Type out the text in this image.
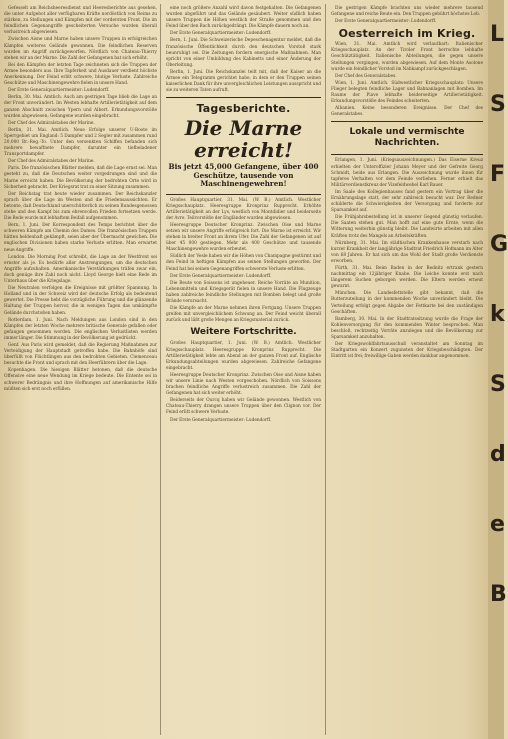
Gefesselt am Reichsheeresdienst und Heeresberichte aus gesehen, die unter Aufgebot aller verfügbaren Kräfte nordöstlich von Reims zu stärken, zu Stellungen und Kämpfen mit der vordersten Front. Die im feindlichen Gegenangriffe gescheiterten Versuche wurden überall verlustreich abgewiesen.

Zwischen Aisne und Marne haben unsere Truppen in erfolgreichen Kämpfen weiteres Gelände gewonnen. Die feindlichen Reserven wurden im Angriff zurückgeworfen. Nördlich von Chateau-Thierry stehen wir an der Marne. Die Zahl der Gefangenen hat sich erhöht.

Bei den Kämpfen der letzten Tage zeichneten sich die Truppen der Armee besonders aus. Ihre Tapferkeit und Ausdauer verdient höchste Anerkennung. Der Feind erlitt schwere, blutige Verluste. Zahlreiche Geschütze und Maschinengewehre fielen in unsere Hand.

Der Erste Generalquartiermeister: Ludendorff.

Berlin, 30. Mai. Amtlich. Auch am gestrigen Tage blieb die Lage an der Front unverändert. Im Westen lebhafte Artillerietätigkeit auf dem ganzen Abschnitt zwischen Ypern und Albert. Erkundungsvorstöße wurden abgewiesen; Gefangene wurden eingebracht.

Der Chef des Admiralstabes der Marine.

Berlin, 31. Mai. Amtlich. Neue Erfolge unserer U-Boote im Sperrgebiet um England: 5 Dampfer und 2 Segler mit zusammen rund 20,000 Br.-Reg.-To. Unter den versenkten Schiffen befanden sich mehrere bewaffnete Dampfer, darunter ein tiefbeladener Transportdampfer.

Der Chef des Admiralstabes der Marine.

Paris. Die französischen Blätter melden, daß die Lage ernst sei. Man gesteht zu, daß die Deutschen weiter vorgedrungen sind und die Marne erreicht haben. Die Bevölkerung der bedrohten Orte wird in Sicherheit gebracht. Der Kriegsrat trat zu einer Sitzung zusammen.

Der Reichstag trat heute wieder zusammen. Der Reichskanzler sprach über die Lage im Westen und die Friedensaussichten. Er betonte, daß Deutschland unerschütterlich zu seinen Bundesgenossen stehe und den Kampf bis zum ehrenvollen Frieden fortsetzen werde. Die Rede wurde mit lebhaftem Beifall aufgenommen.

Bern, 1. Juni. Der Korrespondent des Temps berichtet über die schweren Kämpfe am Chemin des Dames. Die französischen Truppen hätten heldenhaft gekämpft, seien aber der Übermacht gewichen. Die englischen Divisionen haben starke Verluste erlitten. Man erwartet neue Angriffe.

London. Die Morning Post schreibt, die Lage an der Westfront sei ernster als je. Es bedürfe aller Anstrengungen, um die deutschen Angriffe aufzuhalten. Amerikanische Verstärkungen träfen zwar ein, doch genüge ihre Zahl noch nicht. Lloyd George hielt eine Rede im Unterhaus über die Kriegslage.

Die Neutralen verfolgen die Ereignisse mit größter Spannung. In Holland und in der Schweiz wird der deutsche Erfolg als bedeutend gewertet. Die Presse hebt die vorzügliche Führung und die glänzende Haltung der Truppen hervor, die in wenigen Tagen das umkämpfte Gelände durchstoßen haben.

Rotterdam, 1. Juni. Nach Meldungen aus London sind in den Kämpfen der letzten Woche mehrere britische Generale gefallen oder gefangen genommen worden. Die englischen Verlustlisten werden immer länger. Die Stimmung in der Bevölkerung ist gedrückt.

Genf. Aus Paris wird gemeldet, daß die Regierung Maßnahmen zur Verteidigung der Hauptstadt getroffen habe. Die Bahnhöfe sind überfüllt von Flüchtlingen aus den bedrohten Gebieten. Clemenceau besuchte die Front und sprach mit den Heerführern über die Lage.

Kopenhagen. Die hiesigen Blätter betonen, daß die deutsche Offensive eine neue Wendung im Kriege bedeute. Die Entente sei in schwerer Bedrängnis und ihre Hoffnungen auf amerikanische Hilfe müßten sich erst noch erfüllen.

eine noch größere Anzahl wird davon festgehalten. Die Gefangenen wurden abgeführt und das Gelände gesäubert. Weiter südlich haben unsere Truppen die Höhen westlich der Straße genommen und den Feind über den Bach zurückgedrängt. Die Kämpfe dauern noch an.

Der Erste Generalquartiermeister: Ludendorff.

Bern, 1. Juni. Die Schweizerische Depeschenagentur meldet, daß die französische Öffentlichkeit durch den deutschen Vorstoß stark beunruhigt sei. Die Zeitungen fordern energische Maßnahmen. Man spricht von einer Umbildung des Kabinetts und einer Änderung der Oberleitung.

Berlin, 1. Juni. Die Reichskanzlei teilt mit, daß der Kaiser an die Armee ein Telegramm gerichtet habe, in dem er den Truppen seinen kaiserlichen Dank für ihre unvergleichlichen Leistungen ausspricht und sie zu weiteren Taten aufruft.

Tagesberichte.
Die Marne erreicht!
Bis jetzt 45,000 Gefangene, über 400 Geschütze, tausende von Maschinengewehren!

Großes Hauptquartier, 31. Mai. (W. B.) Amtlich. Westlicher Kriegsschauplatz. Heeresgruppe Kronprinz Rupprecht. Erhöhte Artillerietätigkeit an der Lys, westlich von Montdidier und beiderseits der Avre. Teilvorstöße der Engländer wurden abgewiesen.

Heeresgruppe Deutscher Kronprinz. Zwischen Oise und Marne setzen wir unsere Angriffe erfolgreich fort. Die Marne ist erreicht. Wir stehen in breiter Front an ihrem Ufer. Die Zahl der Gefangenen ist auf über 45 000 gestiegen. Mehr als 400 Geschütze und tausende Maschinengewehre wurden erbeutet.

Südlich der Vesle haben wir die Höhen von Champagne gestürmt und den Feind in heftigen Kämpfen aus seinen Stellungen geworfen. Der Feind hat bei seinen Gegenangriffen schwerste Verluste erlitten.

Der Erste Generalquartiermeister: Ludendorff.

Die Beute von Soissons ist ungeheuer. Reiche Vorräte an Munition, Lebensmitteln und Kriegsgerät fielen in unsere Hand. Die Flugzeuge haben zahlreiche feindliche Stellungen mit Bomben belegt und große Brände verursacht.

Die Kämpfe an der Marne nehmen ihren Fortgang. Unsere Truppen greifen mit unvergleichlichem Schwung an. Der Feind weicht überall zurück und läßt große Mengen an Kriegsmaterial zurück.

Weitere Fortschritte.

Großes Hauptquartier, 1. Juni. (W. B.) Amtlich. Westlicher Kriegsschauplatz. Heeresgruppe Kronprinz Rupprecht. Die Artillerietätigkeit lebte am Abend an der ganzen Front auf. Englische Erkundungsabteilungen wurden abgewiesen. Zahlreiche Gefangene eingebracht.

Heeresgruppe Deutscher Kronprinz. Zwischen Oise und Aisne haben wir unsere Linie nach Westen vorgeschoben. Nördlich von Soissons brachen feindliche Angriffe verlustreich zusammen. Die Zahl der Gefangenen hat sich weiter erhöht.

Beiderseits der Ourcq haben wir Gelände gewonnen. Westlich von Chateau-Thierry drangen unsere Truppen über den Clignon vor. Der Feind erlitt schwere Verluste.

Der Erste Generalquartiermeister: Ludendorff.

Die gestrigen Kämpfe brachten uns wieder mehrere tausend Gefangene und reiche Beute ein. Den Truppen gebührt höchstes Lob.

Der Erste Generalquartiermeister: Ludendorff.

Oesterreich im Krieg.

Wien, 31. Mai. Amtlich wird verlautbart: Italienischer Kriegsschauplatz. An der Tiroler Front herrschte lebhafte Geschütztätigkeit. Italienische Abteilungen, die gegen unsere Stellungen vorgingen, wurden abgewiesen. Auf dem Monte Asolone wurde ein feindlicher Vorstoß im Nahkampf zurückgeschlagen.

Der Chef des Generalstabes.

Wien, 1. Juni. Amtlich. Südwestlicher Kriegsschauplatz: Unsere Flieger belegten feindliche Lager und Bahnanlagen mit Bomben. Im Raume der Piave lebhafte beiderseitige Artillerietätigkeit. Erkundungsvorstöße des Feindes scheiterten.

Albanien. Keine besonderen Ereignisse. Der Chef des Generalstabes.

Lokale und vermischte Nachrichten.

Erlangen, 1. Juni. (Kriegsauszeichnungen.) Das Eiserne Kreuz erhielten der Unteroffizier Johann Meyer und der Gefreite Georg Schmidt, beide aus Erlangen. Die Auszeichnung wurde ihnen für tapferes Verhalten vor dem Feinde verliehen. Ferner erhielt das Militärverdienstkreuz der Vizefeldwebel Karl Bauer.

Im Saale des Kollegienhauses fand gestern ein Vortrag über die Ernährungslage statt, der sehr zahlreich besucht war. Der Redner schilderte die Schwierigkeiten der Versorgung und forderte zur Sparsamkeit auf.

Die Frühjahrsbestellung ist in unserer Gegend günstig verlaufen. Die Saaten stehen gut. Man hofft auf eine gute Ernte, wenn die Witterung weiterhin günstig bleibt. Die Landwirte arbeiten mit allen Kräften trotz des Mangels an Arbeitskräften.

Nürnberg, 31. Mai. Im städtischen Krankenhause verstarb nach kurzer Krankheit der langjährige Stadtrat Friedrich Hofmann im Alter von 68 Jahren. Er hat sich um das Wohl der Stadt große Verdienste erworben.

Fürth, 31. Mai. Beim Baden in der Rednitz ertrank gestern nachmittag ein 12jähriger Knabe. Die Leiche konnte erst nach längerem Suchen geborgen werden. Die Eltern werden erneut gewarnt.

München. Die Landesfettstelle gibt bekannt, daß die Butterzuteilung in der kommenden Woche unverändert bleibt. Die Verteilung erfolgt gegen Abgabe der Fettkarte bei den zuständigen Geschäften.

Bamberg, 30. Mai. In der Stadtratssitzung wurde die Frage der Kohlenversorgung für den kommenden Winter besprochen. Man beschloß, rechtzeitig Vorräte anzulegen und die Bevölkerung zur Sparsamkeit anzuhalten.

Der Kriegswohlfahrtsausschuß veranstaltet am Sonntag im Stadtgarten ein Konzert zugunsten der Kriegsbeschädigten. Der Eintritt ist frei; freiwillige Gaben werden dankbar angenommen.

L
S
F
G
k
S
d
e
B
